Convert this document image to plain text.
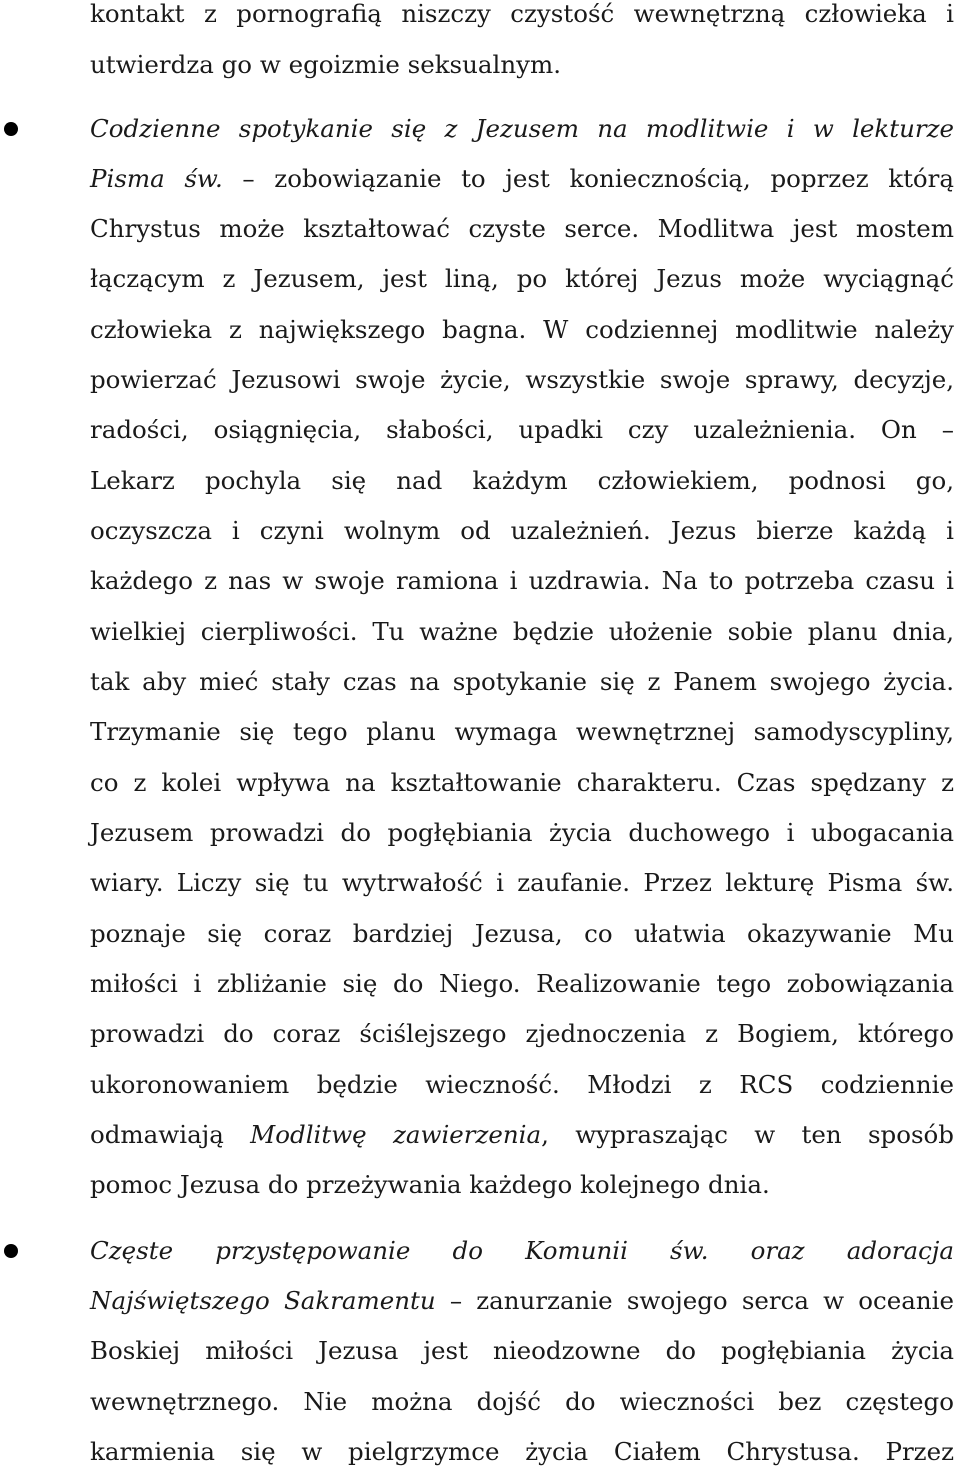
kontakt z pornografią niszczy czystość wewnętrzną człowieka i
utwierdza go w egoizmie seksualnym.
Codzienne spotykanie się z Jezusem na modlitwie i w lekturze
Pisma św. – zobowiązanie to jest koniecznością, poprzez którą
Chrystus może kształtować czyste serce. Modlitwa jest mostem
łączącym z Jezusem, jest liną, po której Jezus może wyciągnąć
człowieka z największego bagna. W codziennej modlitwie należy
powierzać Jezusowi swoje życie, wszystkie swoje sprawy, decyzje,
radości, osiągnięcia, słabości, upadki czy uzależnienia. On –
Lekarz pochyla się nad każdym człowiekiem, podnosi go,
oczyszcza i czyni wolnym od uzależnień. Jezus bierze każdą i
każdego z nas w swoje ramiona i uzdrawia. Na to potrzeba czasu i
wielkiej cierpliwości. Tu ważne będzie ułożenie sobie planu dnia,
tak aby mieć stały czas na spotykanie się z Panem swojego życia.
Trzymanie się tego planu wymaga wewnętrznej samodyscypliny,
co z kolei wpływa na kształtowanie charakteru. Czas spędzany z
Jezusem prowadzi do pogłębiania życia duchowego i ubogacania
wiary. Liczy się tu wytrwałość i zaufanie. Przez lekturę Pisma św.
poznaje się coraz bardziej Jezusa, co ułatwia okazywanie Mu
miłości i zbliżanie się do Niego. Realizowanie tego zobowiązania
prowadzi do coraz ściślejszego zjednoczenia z Bogiem, którego
ukoronowaniem będzie wieczność. Młodzi z RCS codziennie
odmawiają Modlitwę zawierzenia, wypraszając w ten sposób
pomoc Jezusa do przeżywania każdego kolejnego dnia.
Częste przystępowanie do Komunii św. oraz adoracja
Najświętszego Sakramentu – zanurzanie swojego serca w oceanie
Boskiej miłości Jezusa jest nieodzowne do pogłębiania życia
wewnętrznego. Nie można dojść do wieczności bez częstego
karmienia się w pielgrzymce życia Ciałem Chrystusa. Przez
